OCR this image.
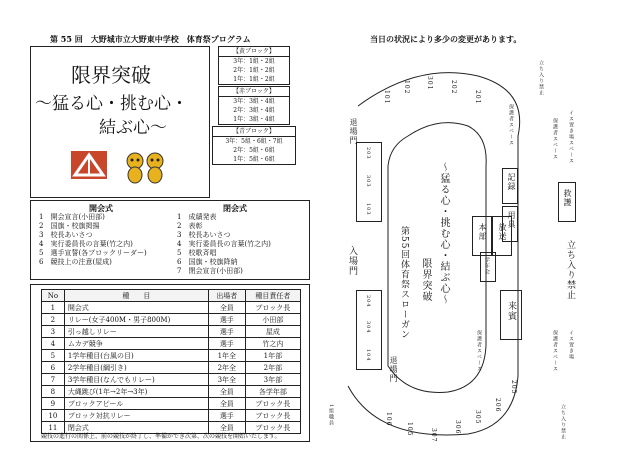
第 55 回　大野城市立大野東中学校　体育祭プログラム	当日の状況により多少の変更があります。
限界突破
〜猛る心・挑む心・
結ぶ心〜
【黄ブロック】
3年：1組・2組
2年：1組・2組
1年：1組・2組
【赤ブロック】
3年：3組・4組
2年：3組・4組
1年：3組・4組
【青ブロック】
3年：5組・6組・7組
2年：5組・6組
1年：5組・6組
開会式
1　開会宣言(小田部)
2　国旗・校旗掲揚
3　校長あいさつ
4　実行委員長の言葉(竹之内)
5　選手宣誓(各ブロックリーダー)
6　競技上の注意(屋成)
閉会式
1　成績発表
2　表彰
3　校長あいさつ
4　実行委員長の言葉(竹之内)
5　校歌斉唱
6　国旗・校旗降納
7　閉会宣言(小田部)
No	種　　目	出場者	種目責任者
1	開会式	全員	ブロック長
2	リレー(女子400M・男子800M)	選手	小田部
3	引っ越しリレー	選手	屋成
4	ムカデ競争	選手	竹之内
5	1学年種目(台風の目)	1年全	1年部
6	2学年種目(綱引き)	2年全	2年部
7	3学年種目(なんでもリレー)	3年全	3年部
8	大縄跳び(1年→2年→3年)	全員	各学年部
9	ブロックアピール	全員	ブロック長
10	ブロック対抗リレー	選手	ブロック長
11	閉会式	全員	ブロック長
競技の進行の関係上、前の競技が終了し、準備ができ次第、次の競技を開始いたします。
101
102	301	202
201
103
303
203
104
304
204
退場門
入場門
退場門
第55回体育祭スローガン 限界突破 〜猛る心・挑む心・結ぶ心〜
106
105	307
306
305
206
205
記録
用具
救護
本部 放送
学年会
来賓
立ち入り禁止
保護者スペース	保護者スペース イス置き場スペース
イス置き場
保護者スペース	保護者スペース
立ち入り禁止
立ち入り禁止
1組職員
